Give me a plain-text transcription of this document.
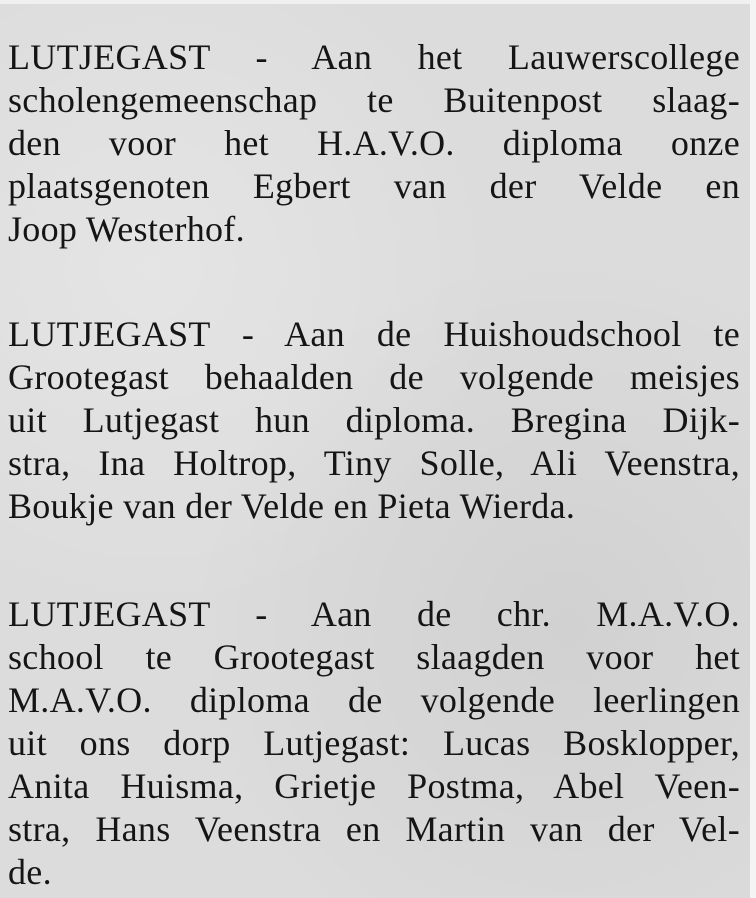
LUTJEGAST - Aan het Lauwerscollege
scholengemeenschap te Buitenpost slaag-
den voor het H.A.V.O. diploma onze
plaatsgenoten Egbert van der Velde en
Joop Westerhof.

LUTJEGAST - Aan de Huishoudschool te
Grootegast behaalden de volgende meisjes
uit Lutjegast hun diploma. Bregina Dijk-
stra, Ina Holtrop, Tiny Solle, Ali Veenstra,
Boukje van der Velde en Pieta Wierda.

LUTJEGAST - Aan de chr. M.A.V.O.
school te Grootegast slaagden voor het
M.A.V.O. diploma de volgende leerlingen
uit ons dorp Lutjegast: Lucas Bosklopper,
Anita Huisma, Grietje Postma, Abel Veen-
stra, Hans Veenstra en Martin van der Vel-
de.
